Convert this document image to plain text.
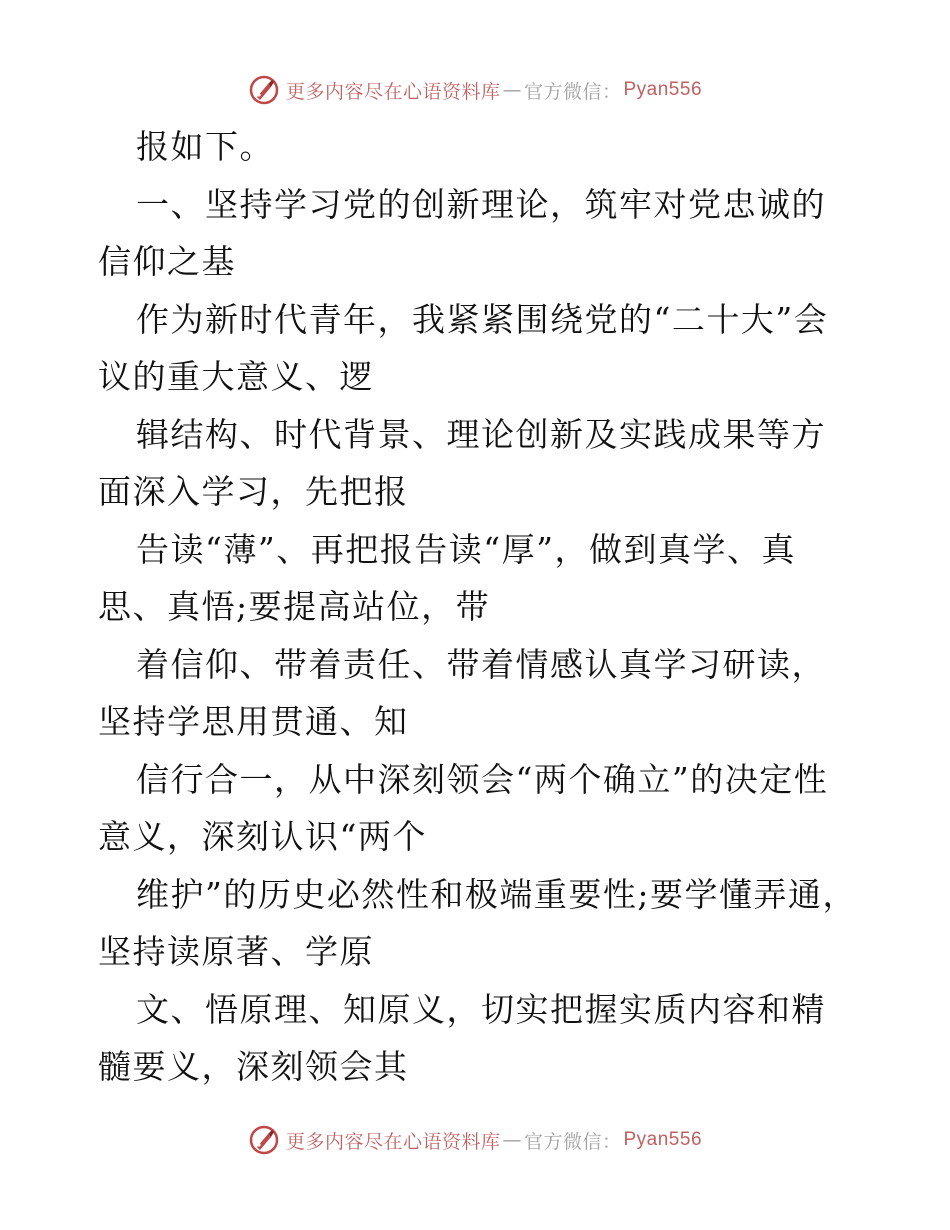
更多内容尽在心语资料库 — 官方微信： Pyan556

报如下。

一、坚持学习党的创新理论，筑牢对党忠诚的信仰之基

作为新时代青年，我紧紧围绕党的“二十大”会议的重大意义、逻

辑结构、时代背景、理论创新及实践成果等方面深入学习，先把报

告读“薄”、再把报告读“厚”，做到真学、真思、真悟;要提高站位，带

着信仰、带着责任、带着情感认真学习研读，坚持学思用贯通、知

信行合一，从中深刻领会“两个确立”的决定性意义，深刻认识“两个

维护”的历史必然性和极端重要性;要学懂弄通，坚持读原著、学原

文、悟原理、知原义，切实把握实质内容和精髓要义，深刻领会其

更多内容尽在心语资料库 — 官方微信： Pyan556
